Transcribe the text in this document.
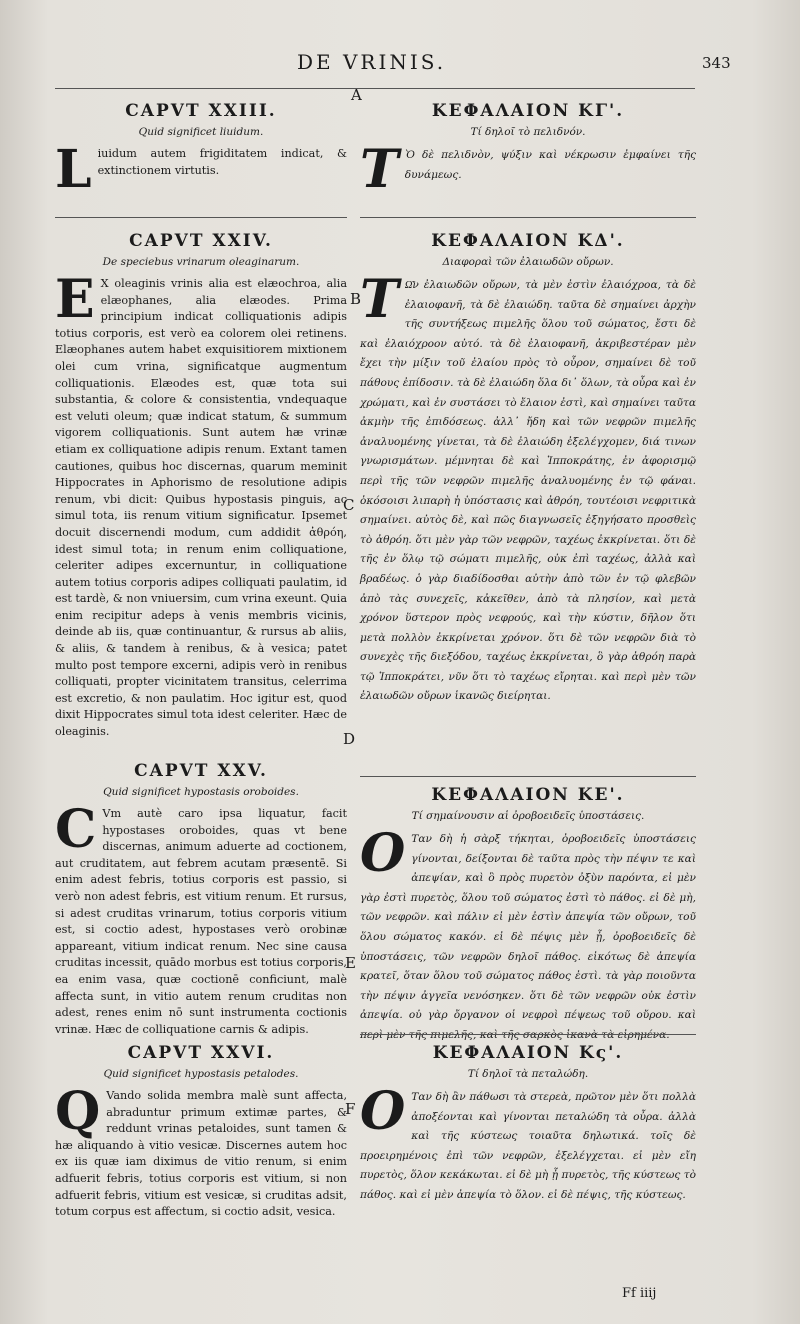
DE VRINIS.	343
A
B
C
D
E
F
CAPVT XXIII.

Quid significet liuidum.

L iuidum autem frigiditatem indicat, & extinctionem virtutis.

CAPVT XXIV.

De speciebus vrinarum oleaginarum.

E X oleaginis vrinis alia est elæochroa, alia elæophanes, alia elæodes. Prima principium indicat colliquationis adipis totius corporis, est verò ea colorem olei retinens. Elæophanes autem habet exquisitiorem mixtionem olei cum vrina, significatque augmentum colliquationis. Elæodes est, quæ tota sui substantia, & colore & consistentia, vndequaque est veluti oleum; quæ indicat statum, & summum vigorem colliquationis. Sunt autem hæ vrinæ etiam ex colliquatione adipis renum. Extant tamen cautiones, quibus hoc discernas, quarum meminit Hippocrates in Aphorismo de resolutione adipis renum, vbi dicit: Quibus hypostasis pinguis, ac simul tota, iis renum vitium significatur. Ipsemet docuit discernendi modum, cum addidit ἀθρόη, idest simul tota; in renum enim colliquatione, celeriter adipes excernuntur, in colliquatione autem totius corporis adipes colliquati paulatim, id est tardè, & non vniuersim, cum vrina exeunt. Quia enim recipitur adeps à venis membris vicinis, deinde ab iis, quæ continuantur, & rursus ab aliis, & aliis, & tandem à renibus, & à vesica; patet multo post tempore excerni, adipis verò in renibus colliquati, propter vicinitatem transitus, celerrima est excretio, & non paulatim. Hoc igitur est, quod dixit Hippocrates simul tota idest celeriter. Hæc de oleaginis.

CAPVT XXV.

Quid significet hypostasis oroboides.

C Vm autè caro ipsa liquatur, facit hypostases oroboides, quas vt bene discernas, animum aduerte ad coctionem, aut cruditatem, aut febrem acutam præsentē. Si enim adest febris, totius corporis est passio, si verò non adest febris, est vitium renum. Et rursus, si adest cruditas vrinarum, totius corporis vitium est, si coctio adest, hypostases verò orobinæ appareant, vitium indicat renum. Nec sine causa cruditas incessit, quādo morbus est totius corporis, ea enim vasa, quæ coctionē conficiunt, malè affecta sunt, in vitio autem renum cruditas non adest, renes enim nō sunt instrumenta coctionis vrinæ. Hæc de colliquatione carnis & adipis.

CAPVT XXVI.

Quid significet hypostasis petalodes.

Q Vando solida membra malè sunt affecta, abraduntur primum extimæ partes, & reddunt vrinas petaloides, sunt tamen & hæ aliquando à vitio vesicæ. Discernes autem hoc ex iis quæ iam diximus de vitio renum, si enim adfuerit febris, totius corporis est vitium, si non adfuerit febris, vitium est vesicæ, si cruditas adsit, totum corpus est affectum, si coctio adsit, vesica.

ΚΕΦΑΛΑΙΟΝ ΚΓ'.

Τί δηλοῖ τὸ πελιδνόν.

Τ Ὸ δὲ πελιδνὸν, ψύξιν καὶ νέκρωσιν ἐμφαίνει τῆς δυνάμεως.

ΚΕΦΑΛΑΙΟΝ ΚΔ'.

Διαφοραὶ τῶν ἐλαιωδῶν οὔρων.

Τ Ω͂ν ἐλαιωδῶν οὔρων, τὰ μὲν ἐστὶν ἐλαιόχροα, τὰ δὲ ἐλαιοφανῆ, τὰ δὲ ἐλαιώδη. ταῦτα δὲ σημαίνει ἀρχὴν τῆς συντήξεως πιμελῆς ὅλου τοῦ σώματος, ἔστι δὲ καὶ ἐλαιόχροον αὐτό. τὰ δὲ ἐλαιοφανῆ, ἀκριβεστέραν μὲν ἔχει τὴν μίξιν τοῦ ἐλαίου πρὸς τὸ οὖρον, σημαίνει δὲ τοῦ πάθους ἐπίδοσιν. τὰ δὲ ἐλαιώδη ὅλα δι᾿ ὅλων, τὰ οὖρα καὶ ἐν χρώματι, καὶ ἐν συστάσει τὸ ἔλαιον ἐστὶ, καὶ σημαίνει ταῦτα ἀκμὴν τῆς ἐπιδόσεως. ἀλλ᾿ ἤδη καὶ τῶν νεφρῶν πιμελῆς ἀναλυομένης γίνεται, τὰ δὲ ἐλαιώδη ἐξελέγχομεν, διά τινων γνωρισμάτων. μέμνηται δὲ καὶ Ἱπποκράτης, ἐν ἀφορισμῷ περὶ τῆς τῶν νεφρῶν πιμελῆς ἀναλυομένης ἐν τῷ φάναι. ὁκόσοισι λιπαρὴ ἡ ὑπόστασις καὶ ἀθρόη, τουτέοισι νεφριτικὰ σημαίνει. αὐτὸς δὲ, καὶ πῶς διαγνωσεῖς ἐξηγήσατο προσθεὶς τὸ ἀθρόη. ὅτι μὲν γὰρ τῶν νεφρῶν, ταχέως ἐκκρίνεται. ὅτι δὲ τῆς ἐν ὅλῳ τῷ σώματι πιμελῆς, οὐκ ἐπὶ ταχέως, ἀλλὰ καὶ βραδέως. ὁ γὰρ διαδίδοσθαι αὐτὴν ἀπὸ τῶν ἐν τῷ φλεβῶν ἀπὸ τὰς συνεχεῖς, κἀκεῖθεν, ἀπὸ τὰ πλησίον, καὶ μετὰ χρόνον ὕστερον πρὸς νεφρούς, καὶ τὴν κύστιν, δῆλον ὅτι μετὰ πολλὸν ἐκκρίνεται χρόνον. ὅτι δὲ τῶν νεφρῶν διὰ τὸ συνεχὲς τῆς διεξόδου, ταχέως ἐκκρίνεται, ὃ γὰρ ἀθρόη παρὰ τῷ Ἱπποκράτει, νῦν ὅτι τὸ ταχέως εἴρηται. καὶ περὶ μὲν τῶν ἐλαιωδῶν οὔρων ἱκανῶς διείρηται.

ΚΕΦΑΛΑΙΟΝ ΚΕ'.

Τί σημαίνουσιν αἱ ὀροβοειδεῖς ὑποστάσεις.

Ο Ταν δὴ ἡ σὰρξ τήκηται, ὀροβοειδεῖς ὑποστάσεις γίνονται, δείξονται δὲ ταῦτα πρὸς τὴν πέψιν τε καὶ ἀπεψίαν, καὶ ὃ πρὸς πυρετὸν ὀξὺν παρόντα, εἰ μὲν γὰρ ἐστὶ πυρετὸς, ὅλου τοῦ σώματος ἐστὶ τὸ πάθος. εἰ δὲ μὴ, τῶν νεφρῶν. καὶ πάλιν εἰ μὲν ἐστὶν ἀπεψία τῶν οὔρων, τοῦ ὅλου σώματος κακόν. εἰ δὲ πέψις μὲν ᾖ, ὀροβοειδεῖς δὲ ὑποστάσεις, τῶν νεφρῶν δηλοῖ πάθος. εἰκότως δὲ ἀπεψία κρατεῖ, ὅταν ὅλου τοῦ σώματος πάθος ἐστὶ. τὰ γὰρ ποιοῦντα τὴν πέψιν ἀγγεῖα νενόσηκεν. ὅτι δὲ τῶν νεφρῶν οὐκ ἐστὶν ἀπεψία. οὐ γὰρ ὄργανον οἱ νεφροὶ πέψεως τοῦ οὔρου. καὶ περὶ μὲν τῆς πιμελῆς, καὶ τῆς σαρκὸς ἱκανὰ τὰ εἰρημένα.

ΚΕΦΑΛΑΙΟΝ Κς'.

Τί δηλοῖ τὰ πεταλώδη.

Ο Ταν δὴ ἂν πάθωσι τὰ στερεὰ, πρῶτον μὲν ὅτι πολλὰ ἀποξέονται καὶ γίνονται πεταλώδη τὰ οὖρα. ἀλλὰ καὶ τῆς κύστεως τοιαῦτα δηλωτικά. τοῖς δὲ προειρημένοις ἐπὶ τῶν νεφρῶν, ἐξελέγχεται. εἰ μὲν εἴη πυρετὸς, ὅλον κεκάκωται. εἰ δὲ μὴ ᾖ πυρετὸς, τῆς κύστεως τὸ πάθος. καὶ εἰ μὲν ἀπεψία τὸ ὅλον. εἰ δὲ πέψις, τῆς κύστεως.

Ff iiij
